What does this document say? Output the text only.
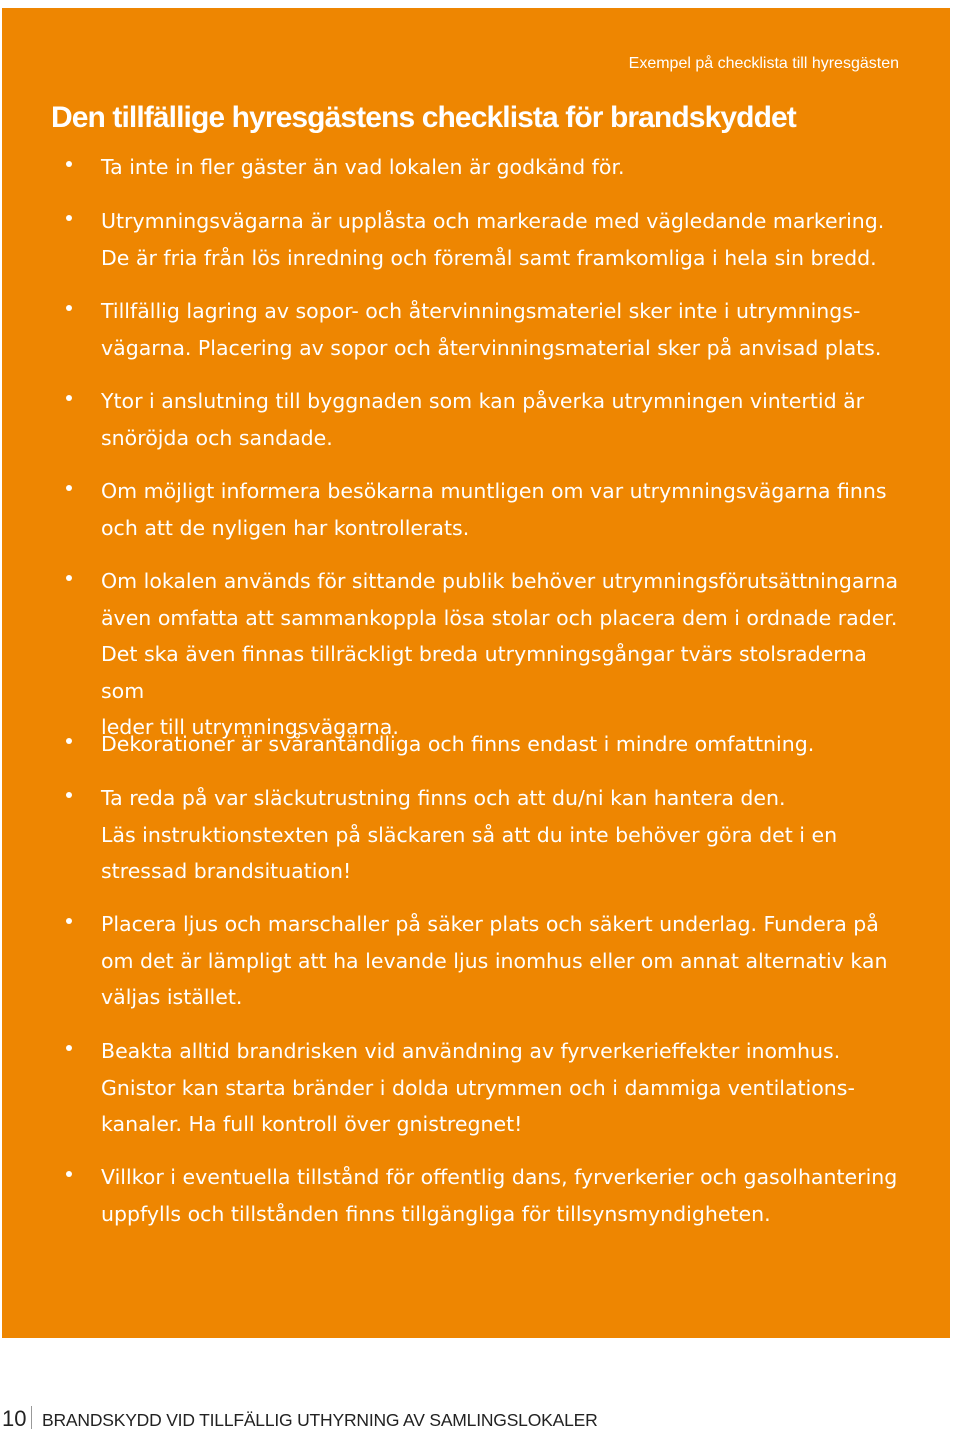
Exempel på checklista till hyresgästen

Den tillfällige hyresgästens checklista för brandskyddet
Ta inte in fler gäster än vad lokalen är godkänd för.
Utrymningsvägarna är upplåsta och markerade med vägledande markering.
De är fria från lös inredning och föremål samt framkomliga i hela sin bredd.
Tillfällig lagring av sopor- och återvinningsmateriel sker inte i utrymnings-
vägarna. Placering av sopor och återvinningsmaterial sker på anvisad plats.
Ytor i anslutning till byggnaden som kan påverka utrymningen vintertid är
snöröjda och sandade.
Om möjligt informera besökarna muntligen om var utrymningsvägarna finns
och att de nyligen har kontrollerats.
Om lokalen används för sittande publik behöver utrymningsförutsättningarna
även omfatta att sammankoppla lösa stolar och placera dem i ordnade rader.
Det ska även finnas tillräckligt breda utrymningsgångar tvärs stolsraderna som
leder till utrymningsvägarna.
Dekorationer är svårantändliga och finns endast i mindre omfattning.
Ta reda på var släckutrustning finns och att du/ni kan hantera den.
Läs instruktionstexten på släckaren så att du inte behöver göra det i en
stressad brandsituation!
Placera ljus och marschaller på säker plats och säkert underlag. Fundera på
om det är lämpligt att ha levande ljus inomhus eller om annat alternativ kan
väljas istället.
Beakta alltid brandrisken vid användning av fyrverkerieffekter inomhus.
Gnistor kan starta bränder i dolda utrymmen och i dammiga ventilations-
kanaler. Ha full kontroll över gnistregnet!
Villkor i eventuella tillstånd för offentlig dans, fyrverkerier och gasolhantering
uppfylls och tillstånden finns tillgängliga för tillsynsmyndigheten.
10 BRANDSKYDD VID TILLFÄLLIG UTHYRNING AV SAMLINGSLOKALER
